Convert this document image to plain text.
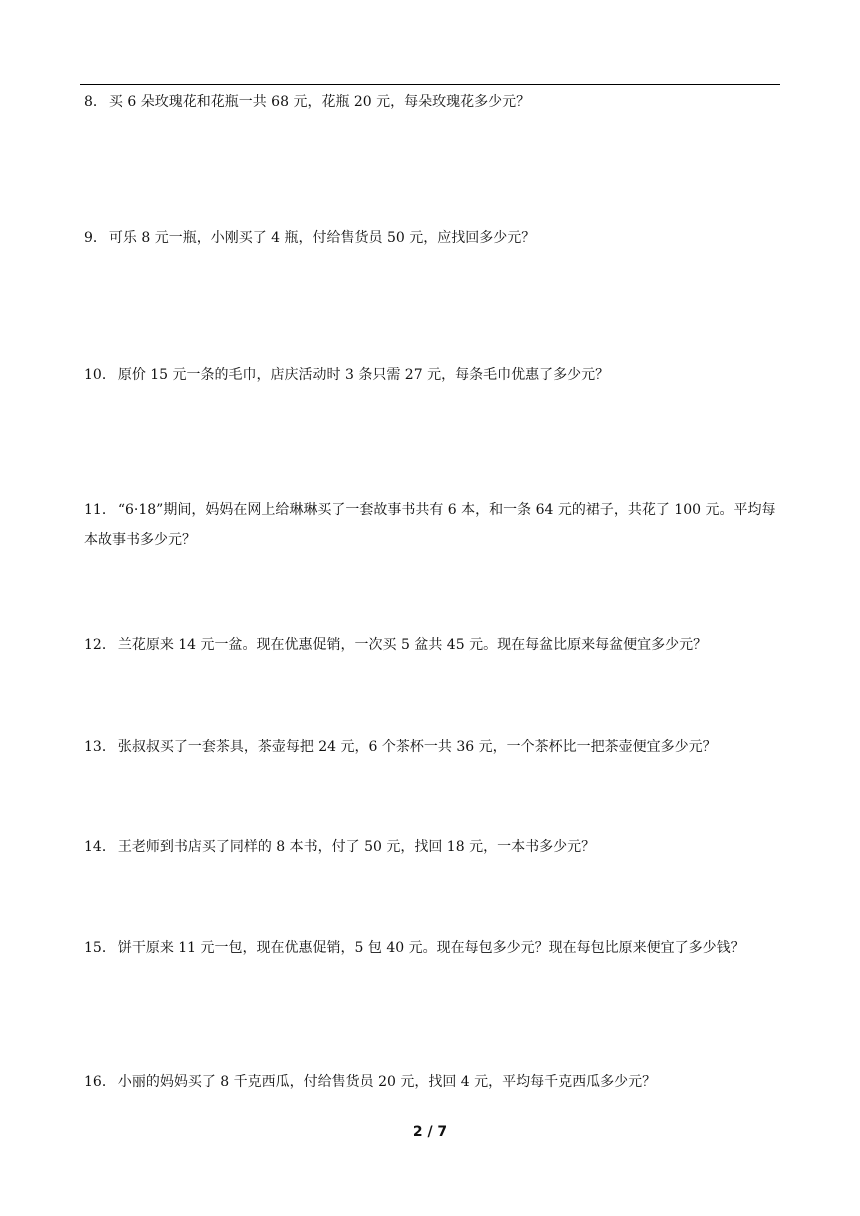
8． 买 6 朵玫瑰花和花瓶一共 68 元，花瓶 20 元，每朵玫瑰花多少元？

9． 可乐 8 元一瓶，小刚买了 4 瓶，付给售货员 50 元，应找回多少元？

10． 原价 15 元一条的毛巾，店庆活动时 3 条只需 27 元，每条毛巾优惠了多少元？

11． “6·18”期间，妈妈在网上给琳琳买了一套故事书共有 6 本，和一条 64 元的裙子，共花了 100 元。平均每本故事书多少元？

12． 兰花原来 14 元一盆。现在优惠促销，一次买 5 盆共 45 元。现在每盆比原来每盆便宜多少元？

13． 张叔叔买了一套茶具，茶壶每把 24 元，6 个茶杯一共 36 元，一个茶杯比一把茶壶便宜多少元？

14． 王老师到书店买了同样的 8 本书，付了 50 元，找回 18 元，一本书多少元？

15． 饼干原来 11 元一包，现在优惠促销，5 包 40 元。现在每包多少元？现在每包比原来便宜了多少钱？

16． 小丽的妈妈买了 8 千克西瓜，付给售货员 20 元，找回 4 元，平均每千克西瓜多少元？

2 / 7
